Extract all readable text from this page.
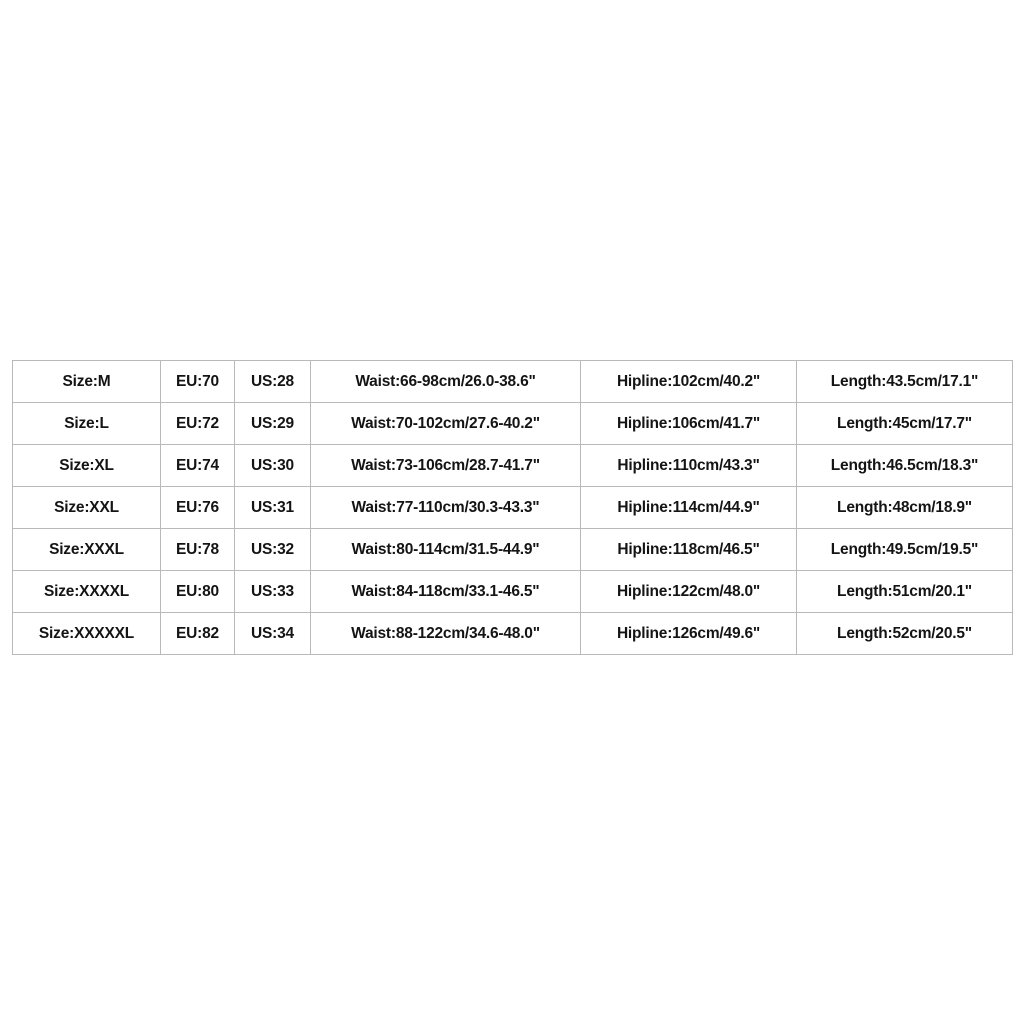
Size:M	EU:70	US:28	Waist:66-98cm/26.0-38.6"	Hipline:102cm/40.2"	Length:43.5cm/17.1"
Size:L	EU:72	US:29	Waist:70-102cm/27.6-40.2"	Hipline:106cm/41.7"	Length:45cm/17.7"
Size:XL	EU:74	US:30	Waist:73-106cm/28.7-41.7"	Hipline:110cm/43.3"	Length:46.5cm/18.3"
Size:XXL	EU:76	US:31	Waist:77-110cm/30.3-43.3"	Hipline:114cm/44.9"	Length:48cm/18.9"
Size:XXXL	EU:78	US:32	Waist:80-114cm/31.5-44.9"	Hipline:118cm/46.5"	Length:49.5cm/19.5"
Size:XXXXL	EU:80	US:33	Waist:84-118cm/33.1-46.5"	Hipline:122cm/48.0"	Length:51cm/20.1"
Size:XXXXXL	EU:82	US:34	Waist:88-122cm/34.6-48.0"	Hipline:126cm/49.6"	Length:52cm/20.5"
